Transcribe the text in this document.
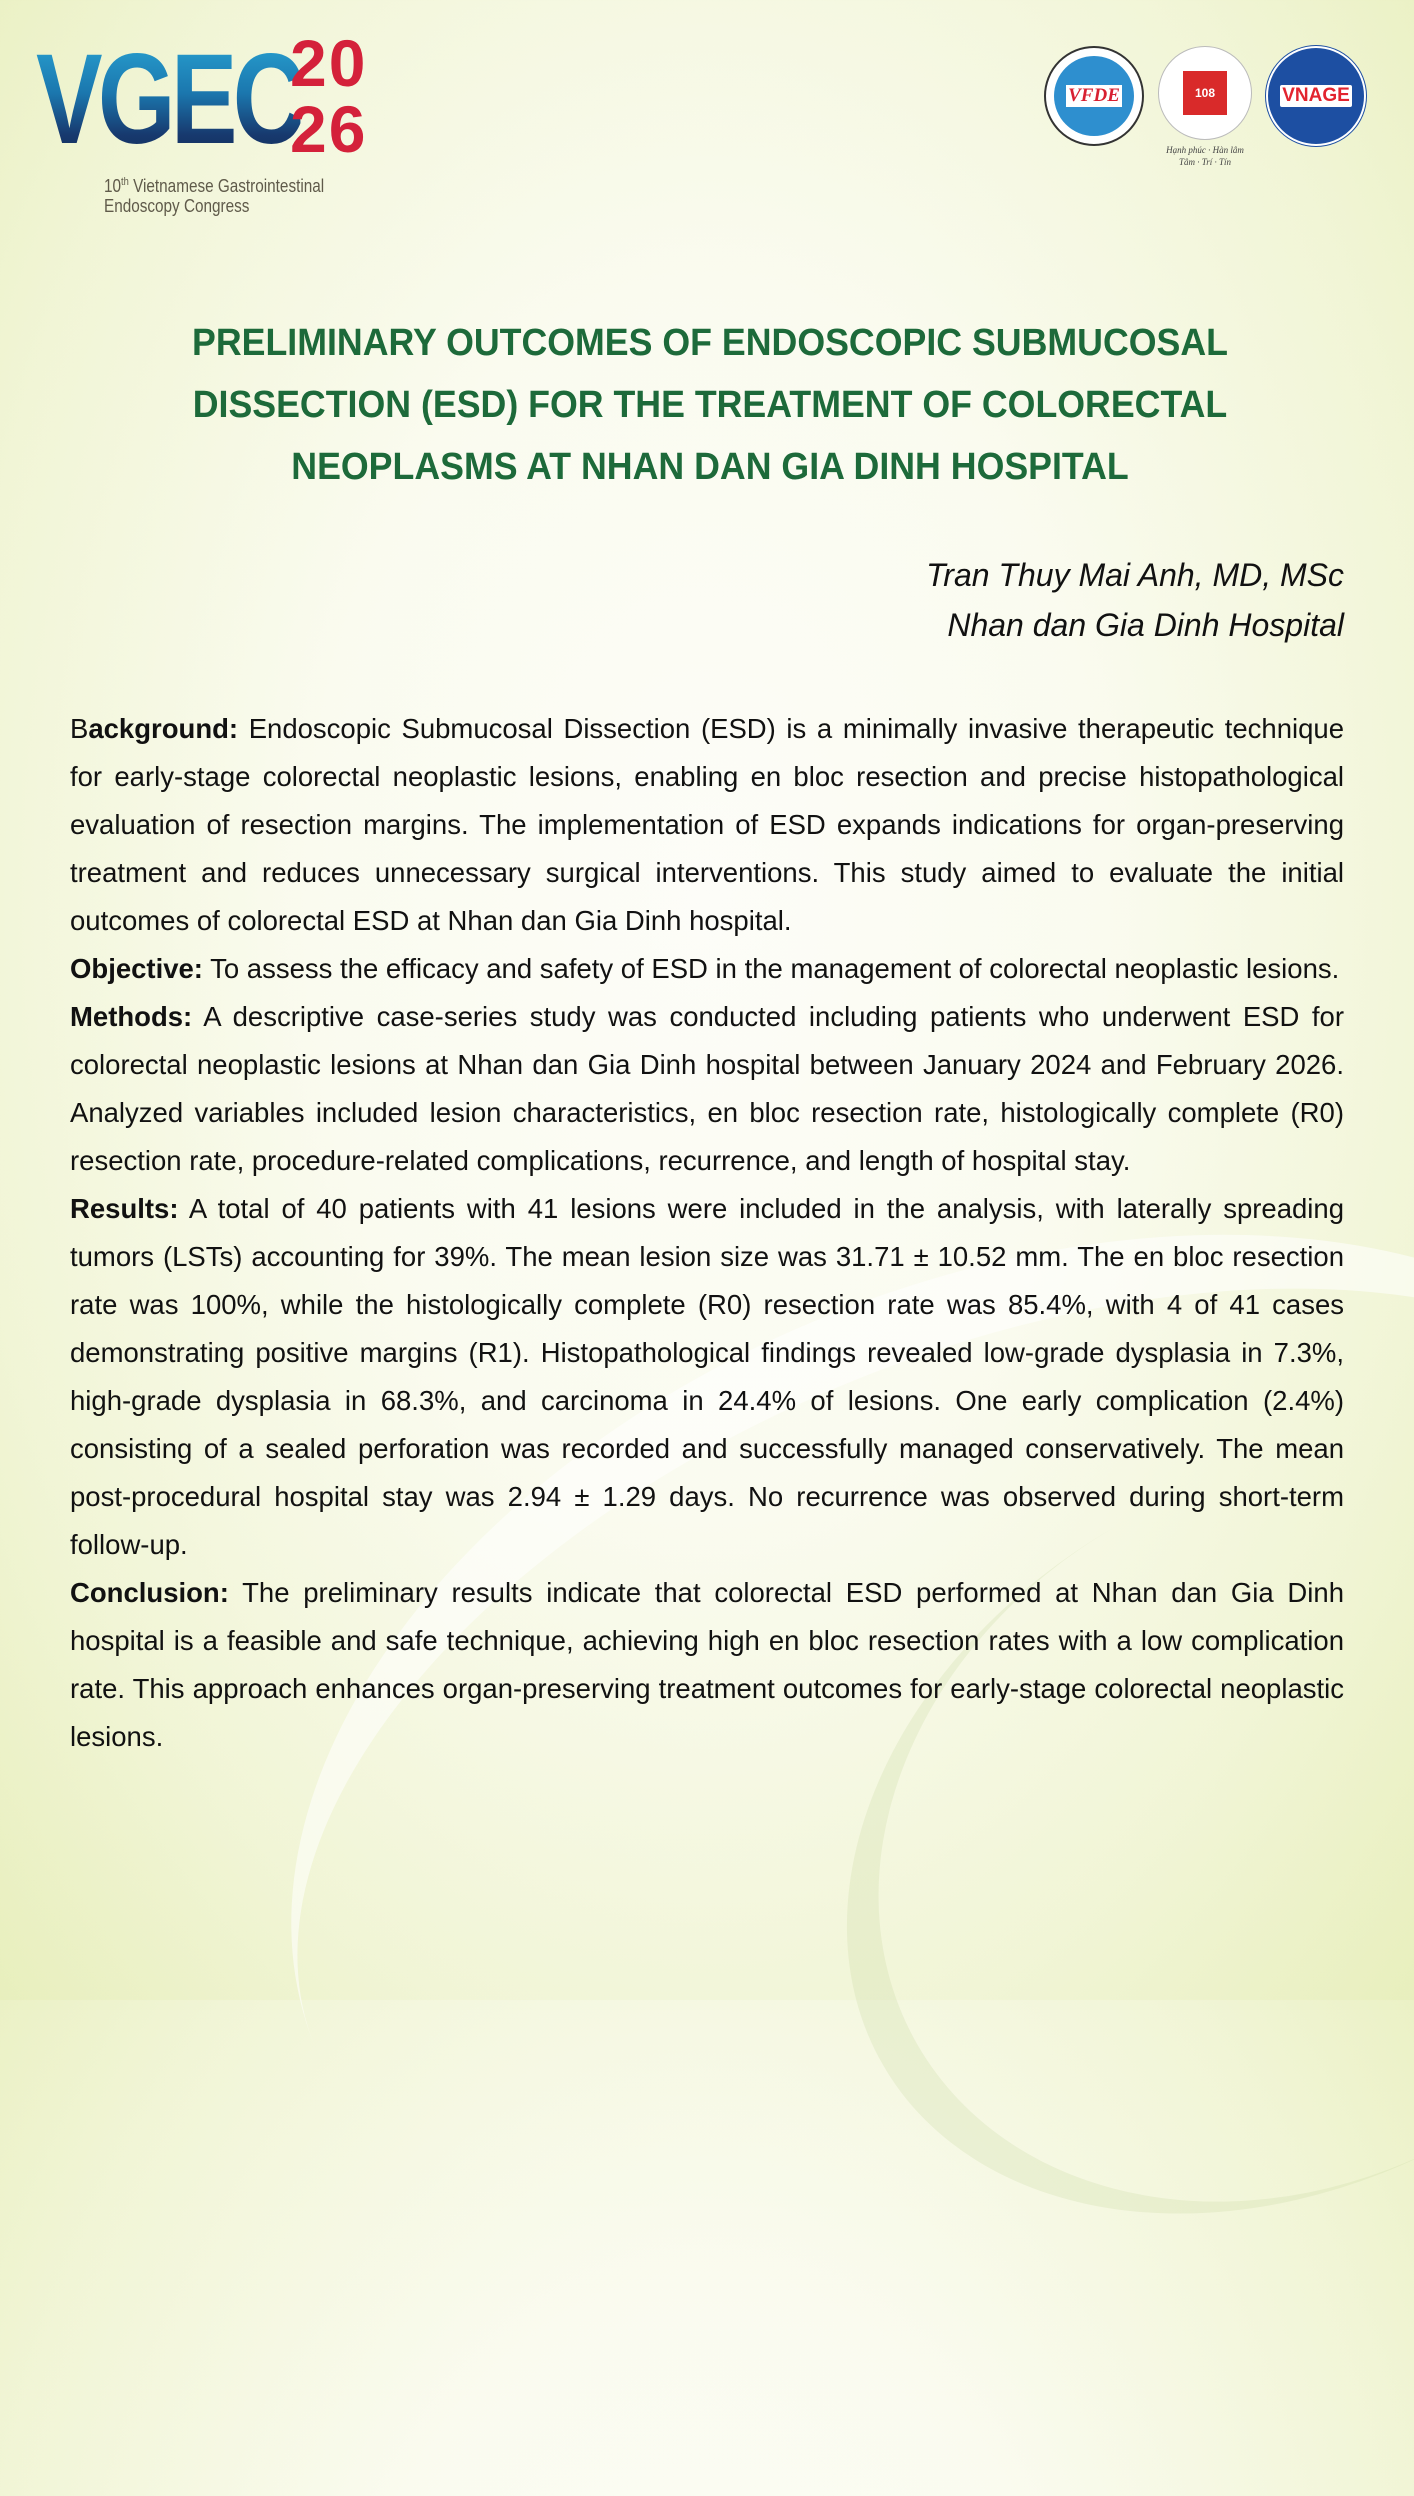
VGEC
20
26
10th Vietnamese Gastrointestinal
Endoscopy Congress
VFDE	108
Hạnh phúc · Hàn lâm
Tâm · Trí · Tín
VNAGE
PRELIMINARY OUTCOMES OF ENDOSCOPIC SUBMUCOSAL
DISSECTION (ESD) FOR THE TREATMENT OF COLORECTAL
NEOPLASMS AT NHAN DAN GIA DINH HOSPITAL
Tran Thuy Mai Anh, MD, MSc
Nhan dan Gia Dinh Hospital

Background: Endoscopic Submucosal Dissection (ESD) is a minimally invasive therapeutic technique for early-stage colorectal neoplastic lesions, enabling en bloc resection and precise histopathological evaluation of resection margins. The implementation of ESD expands indications for organ-preserving treatment and reduces unnecessary surgical interventions. This study aimed to evaluate the initial outcomes of colorectal ESD at Nhan dan Gia Dinh hospital.

Objective: To assess the efficacy and safety of ESD in the management of colorectal neoplastic lesions.

Methods: A descriptive case-series study was conducted including patients who underwent ESD for colorectal neoplastic lesions at Nhan dan Gia Dinh hospital between January 2024 and February 2026. Analyzed variables included lesion characteristics, en bloc resection rate, histologically complete (R0) resection rate, procedure-related complications, recurrence, and length of hospital stay.

Results: A total of 40 patients with 41 lesions were included in the analysis, with laterally spreading tumors (LSTs) accounting for 39%. The mean lesion size was 31.71 ± 10.52 mm. The en bloc resection rate was 100%, while the histologically complete (R0) resection rate was 85.4%, with 4 of 41 cases demonstrating positive margins (R1). Histopathological findings revealed low-grade dysplasia in 7.3%, high-grade dysplasia in 68.3%, and carcinoma in 24.4% of lesions. One early complication (2.4%) consisting of a sealed perforation was recorded and successfully managed conservatively. The mean post-procedural hospital stay was 2.94 ± 1.29 days. No recurrence was observed during short-term follow-up.

Conclusion: The preliminary results indicate that colorectal ESD performed at Nhan dan Gia Dinh hospital is a feasible and safe technique, achieving high en bloc resection rates with a low complication rate. This approach enhances organ-preserving treatment outcomes for early-stage colorectal neoplastic lesions.
